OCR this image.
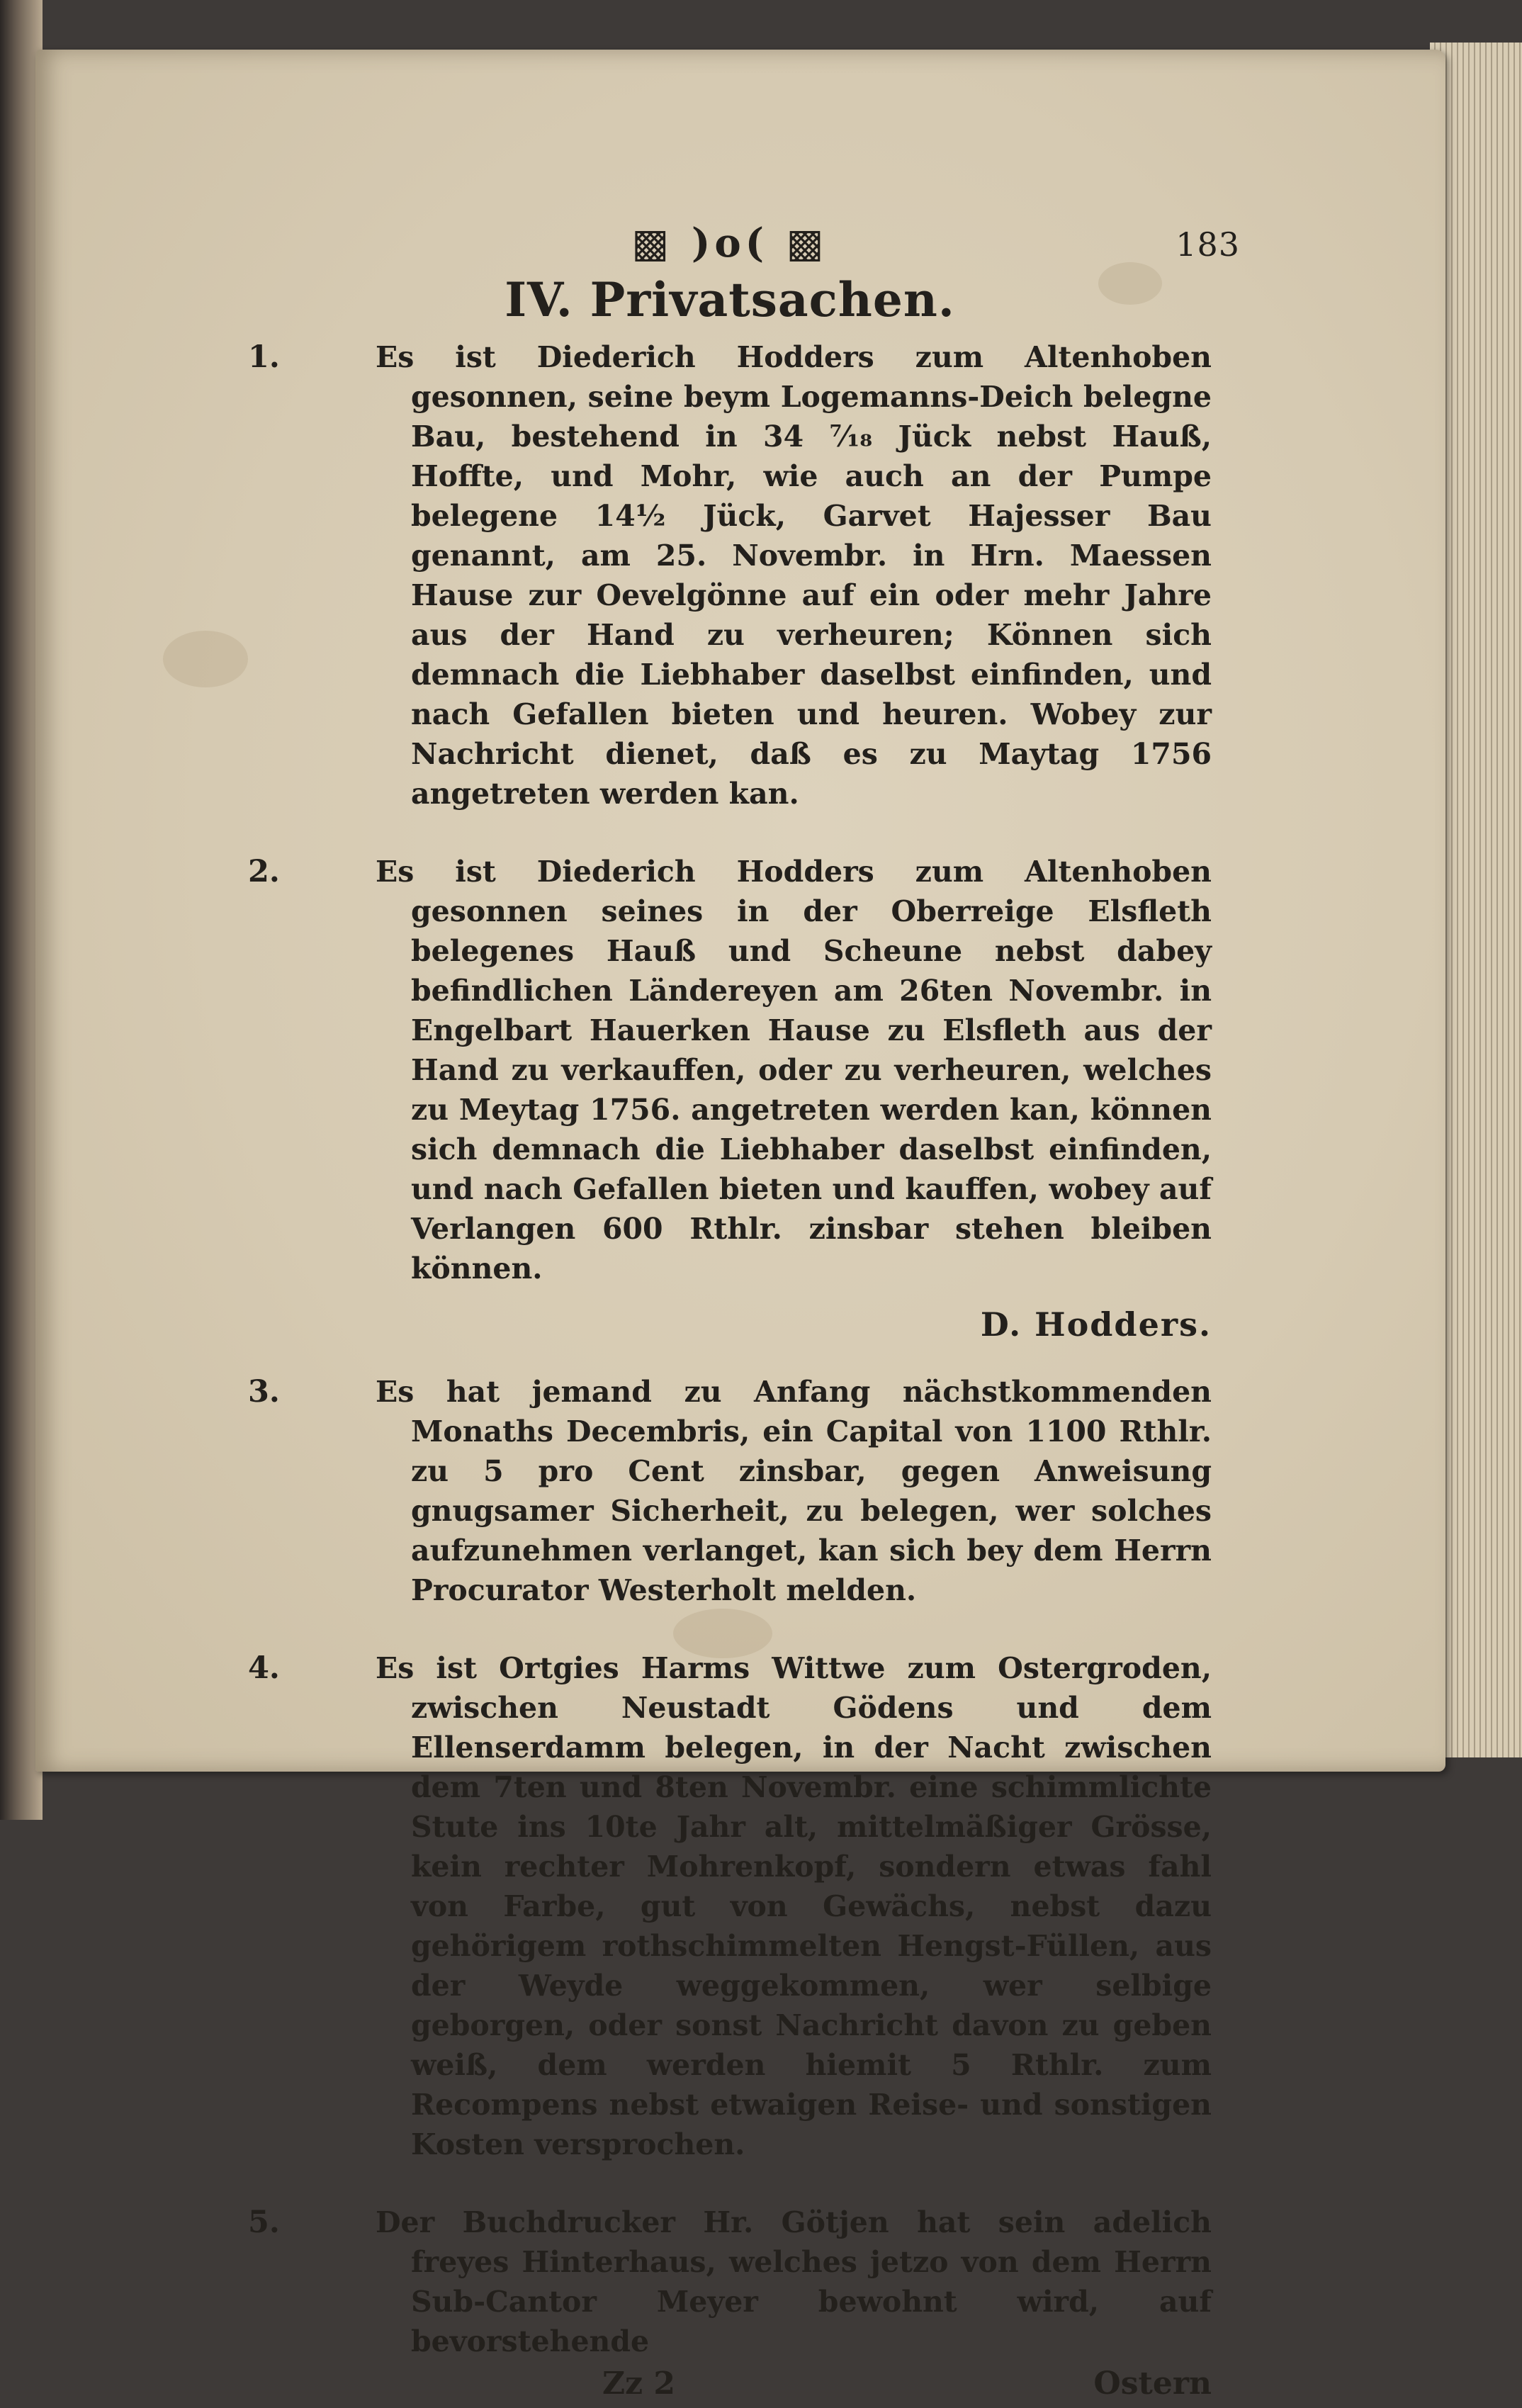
▩ )o( ▩	183
IV. Privatsachen.
1.	Es ist Diederich Hodders zum Altenhoben gesonnen, seine beym Logemanns-Deich belegne Bau, bestehend in 34 ⁷⁄₁₈ Jück nebst Hauß, Hoffte, und Mohr, wie auch an der Pumpe belegene 14½ Jück, Garvet Hajesser Bau genannt, am 25. Novembr. in Hrn. Maessen Hause zur Oevelgönne auf ein oder mehr Jahre aus der Hand zu verheuren; Können sich demnach die Liebhaber daselbst einfinden, und nach Gefallen bieten und heuren. Wobey zur Nachricht dienet, daß es zu Maytag 1756 angetreten werden kan.
2.	Es ist Diederich Hodders zum Altenhoben gesonnen seines in der Oberreige Elsfleth belegenes Hauß und Scheune nebst dabey befindlichen Ländereyen am 26ten Novembr. in Engelbart Hauerken Hause zu Elsfleth aus der Hand zu verkauffen, oder zu verheuren, welches zu Meytag 1756. angetreten werden kan, können sich demnach die Liebhaber daselbst einfinden, und nach Gefallen bieten und kauffen, wobey auf Verlangen 600 Rthlr. zinsbar stehen bleiben können.
D. Hodders.
3.	Es hat jemand zu Anfang nächstkommenden Monaths Decembris, ein Capital von 1100 Rthlr. zu 5 pro Cent zinsbar, gegen Anweisung gnugsamer Sicherheit, zu belegen, wer solches aufzunehmen verlanget, kan sich bey dem Herrn Procurator Westerholt melden.
4.	Es ist Ortgies Harms Wittwe zum Ostergroden, zwischen Neustadt Gödens und dem Ellenserdamm belegen, in der Nacht zwischen dem 7ten und 8ten Novembr. eine schimmlichte Stute ins 10te Jahr alt, mittelmäßiger Grösse, kein rechter Mohrenkopf, sondern etwas fahl von Farbe, gut von Gewächs, nebst dazu gehörigem rothschimmelten Hengst-Füllen, aus der Weyde weggekommen, wer selbige geborgen, oder sonst Nachricht davon zu geben weiß, dem werden hiemit 5 Rthlr. zum Recompens nebst etwaigen Reise- und sonstigen Kosten versprochen.
5.	Der Buchdrucker Hr. Götjen hat sein adelich freyes Hinterhaus, welches jetzo von dem Herrn Sub-Cantor Meyer bewohnt wird, auf bevorstehende
Zz 2	Ostern
